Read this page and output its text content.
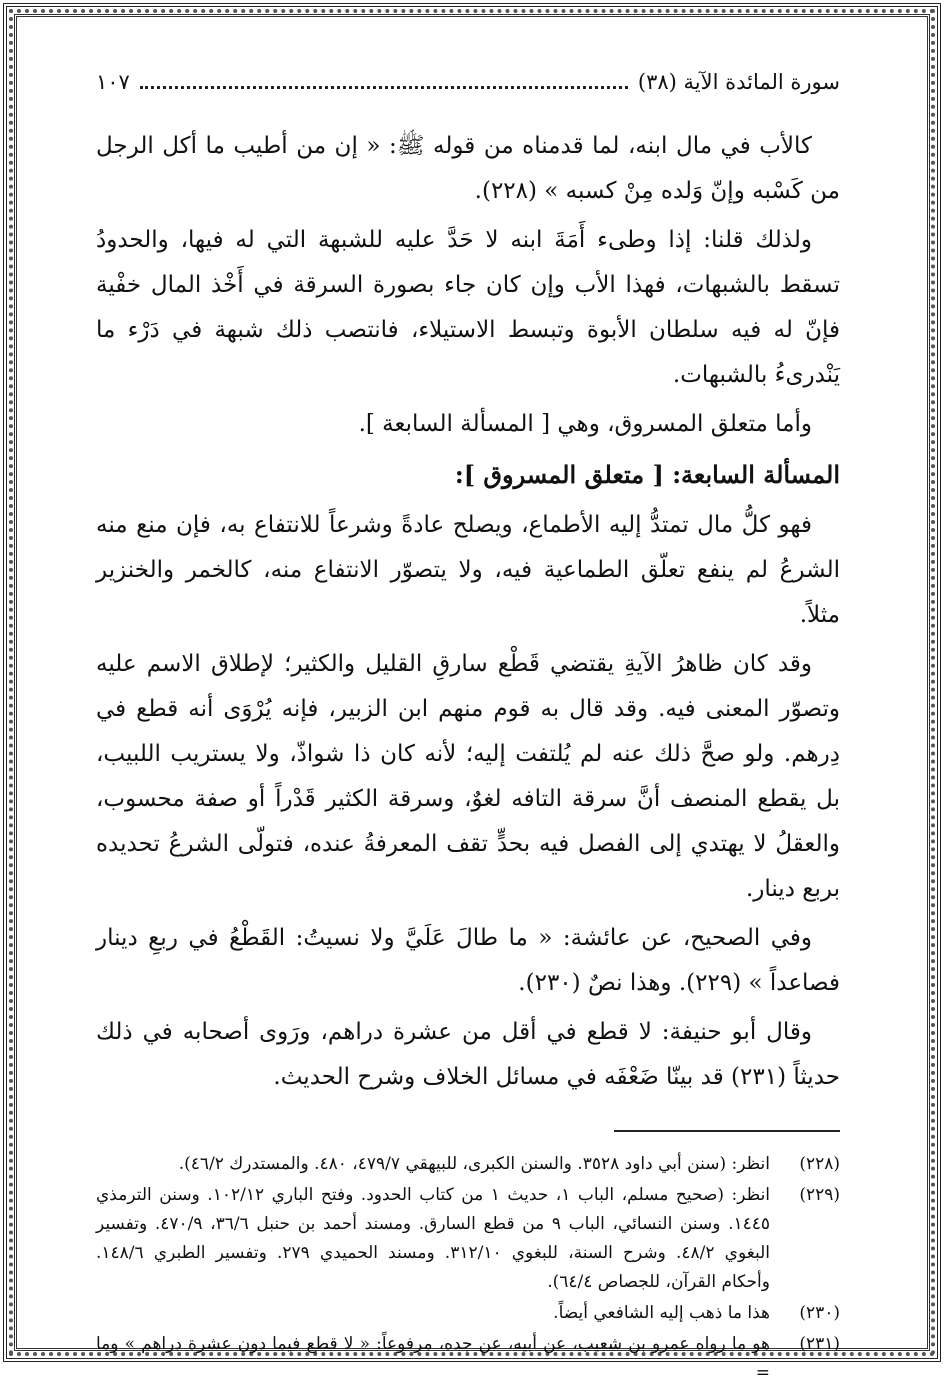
سورة المائدة الآية (٣٨)
١٠٧

كالأب في مال ابنه، لما قدمناه من قوله ﷺ: « إن من أطيب ما أكل الرجل من كَسْبه وإنّ وَلده مِنْ كسبه » (٢٢٨).

ولذلك قلنا: إذا وطىء أَمَةَ ابنه لا حَدَّ عليه للشبهة التي له فيها، والحدودُ تسقط بالشبهات، فهذا الأب وإن كان جاء بصورة السرقة في أَخْذ المال خفْية فإنّ له فيه سلطان الأبوة وتبسط الاستيلاء، فانتصب ذلك شبهة في دَرْء ما يَنْدرىءُ بالشبهات.

وأما متعلق المسروق، وهي [ المسألة السابعة ].

المسألة السابعة: [ متعلق المسروق ]:

فهو كلُّ مال تمتدُّ إليه الأطماع، ويصلح عادةً وشرعاً للانتفاع به، فإن منع منه الشرعُ لم ينفع تعلّق الطماعية فيه، ولا يتصوّر الانتفاع منه، كالخمر والخنزير مثلاً.

وقد كان ظاهرُ الآيةِ يقتضي قَطْع سارقِ القليل والكثير؛ لإطلاق الاسم عليه وتصوّر المعنى فيه. وقد قال به قوم منهم ابن الزبير، فإنه يُرْوَى أنه قطع في دِرهم. ولو صحَّ ذلك عنه لم يُلتفت إليه؛ لأنه كان ذا شواذّ، ولا يستريب اللبيب، بل يقطع المنصف أنَّ سرقة التافه لغوٌ، وسرقة الكثير قَدْراً أو صفة محسوب، والعقلُ لا يهتدي إلى الفصل فيه بحدٍّ تقف المعرفةُ عنده، فتولّى الشرعُ تحديده بربع دينار.

وفي الصحيح، عن عائشة: « ما طالَ عَلَيَّ ولا نسيتُ: القَطْعُ في ربعِ دينار فصاعداً » (٢٢٩). وهذا نصٌ (٢٣٠).

وقال أبو حنيفة: لا قطع في أقل من عشرة دراهم، ورَوى أصحابه في ذلك حديثاً (٢٣١) قد بينّا ضَعْفَه في مسائل الخلاف وشرح الحديث.

(٢٢٨)
انظر: (سنن أبي داود ٣٥٢٨. والسنن الكبرى، للبيهقي ٤٧٩/٧، ٤٨٠. والمستدرك ٤٦/٢).
(٢٢٩)
انظر: (صحيح مسلم، الباب ١، حديث ١ من كتاب الحدود. وفتح الباري ١٠٢/١٢. وسنن الترمذي ١٤٤٥. وسنن النسائي، الباب ٩ من قطع السارق. ومسند أحمد بن حنبل ٣٦/٦، ٤٧٠/٩. وتفسير البغوي ٤٨/٢. وشرح السنة، للبغوي ٣١٢/١٠. ومسند الحميدي ٢٧٩. وتفسير الطبري ١٤٨/٦. وأحكام القرآن، للجصاص ٦٤/٤).
(٢٣٠)
هذا ما ذهب إليه الشافعي أيضاً.
(٢٣١)
هو ما رواه عمرو بن شعيب، عن أبيه، عن جده، مرفوعاً: « لا قطع فيما دون عشرة دراهم » وما =
